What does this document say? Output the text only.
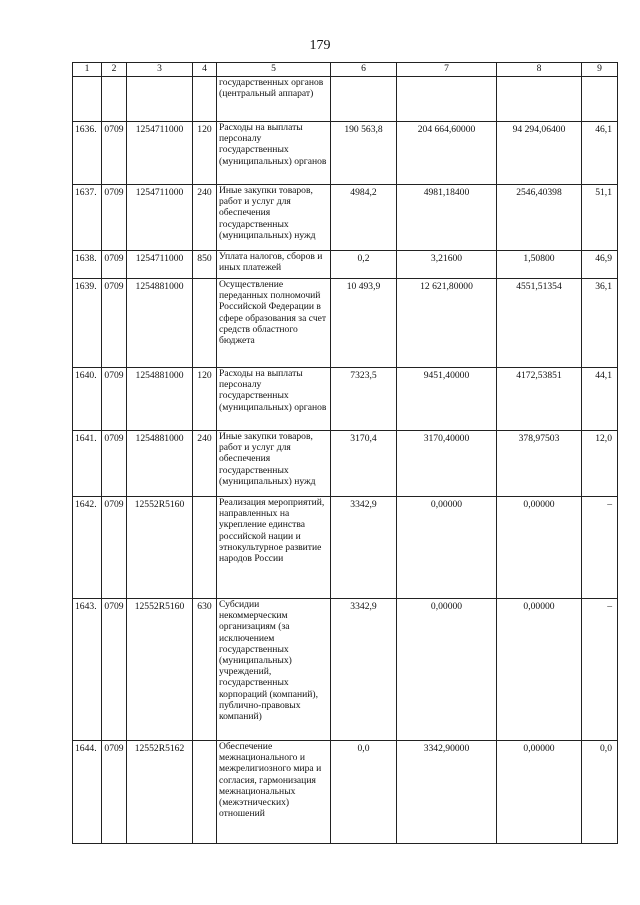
179
1	2	3	4	5	6	7	8	9
				государственных органов (центральный аппарат)				
1636.	0709	1254711000	120	Расходы на выплаты персоналу государственных (муниципальных) органов	190 563,8	204 664,60000	94 294,06400	46,1
1637.	0709	1254711000	240	Иные закупки товаров, работ и услуг для обеспечения государственных (муниципальных) нужд	4984,2	4981,18400	2546,40398	51,1
1638.	0709	1254711000	850	Уплата налогов, сборов и иных платежей	0,2	3,21600	1,50800	46,9
1639.	0709	1254881000		Осуществление переданных полномочий Российской Федерации в сфере образования за счет средств областного бюджета	10 493,9	12 621,80000	4551,51354	36,1
1640.	0709	1254881000	120	Расходы на выплаты персоналу государственных (муниципальных) органов	7323,5	9451,40000	4172,53851	44,1
1641.	0709	1254881000	240	Иные закупки товаров, работ и услуг для обеспечения государственных (муниципальных) нужд	3170,4	3170,40000	378,97503	12,0
1642.	0709	12552R5160		Реализация мероприятий, направленных на укрепление единства российской нации и этнокультурное развитие народов России	3342,9	0,00000	0,00000	–
1643.	0709	12552R5160	630	Субсидии некоммерческим организациям (за исключением государственных (муниципальных) учреждений, государственных корпораций (компаний), публично-правовых компаний)	3342,9	0,00000	0,00000	–
1644.	0709	12552R5162		Обеспечение межнационального и межрелигиозного мира и согласия, гармонизация межнациональных (межэтнических) отношений	0,0	3342,90000	0,00000	0,0
